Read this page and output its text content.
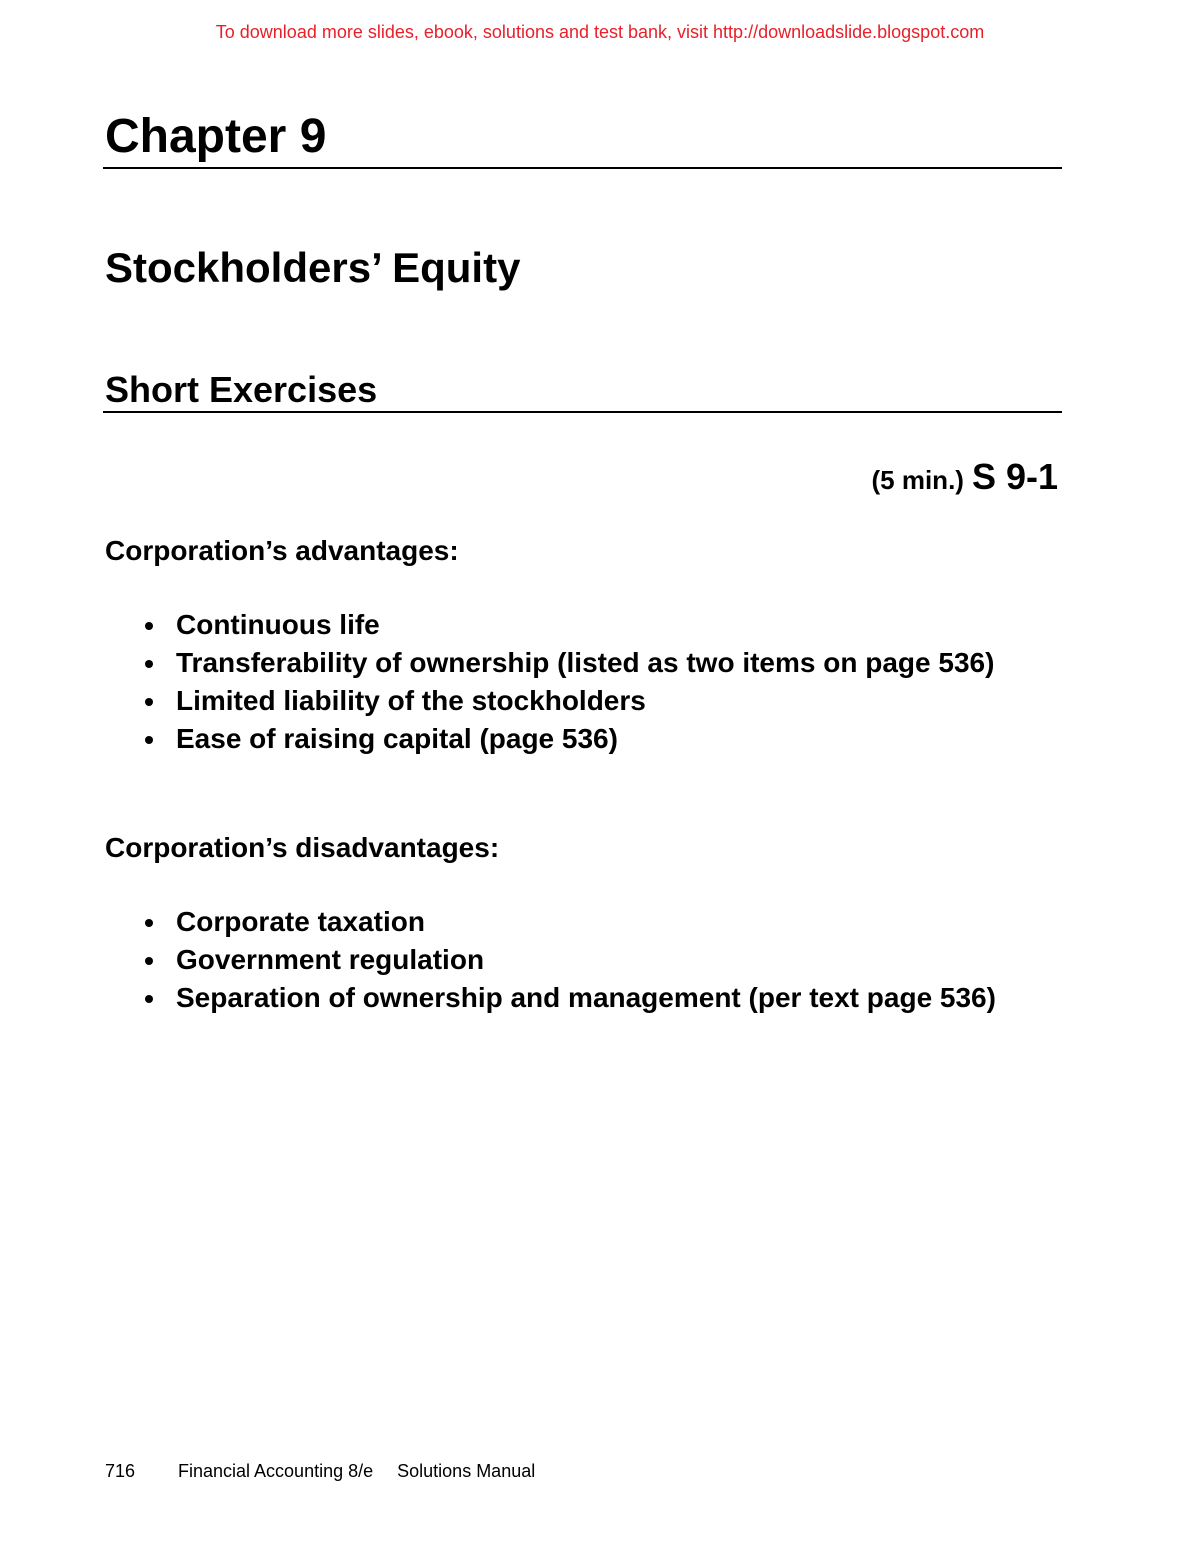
To download more slides, ebook, solutions and test bank, visit http://downloadslide.blogspot.com
Chapter 9
Stockholders’ Equity
Short Exercises
(5 min.) S 9-1

Corporation’s advantages:

Continuous life
Transferability of ownership (listed as two items on page 536)
Limited liability of the stockholders
Ease of raising capital (page 536)

Corporation’s disadvantages:

Corporate taxation
Government regulation
Separation of ownership and management (per text page 536)
716 Financial Accounting 8/e Solutions Manual
